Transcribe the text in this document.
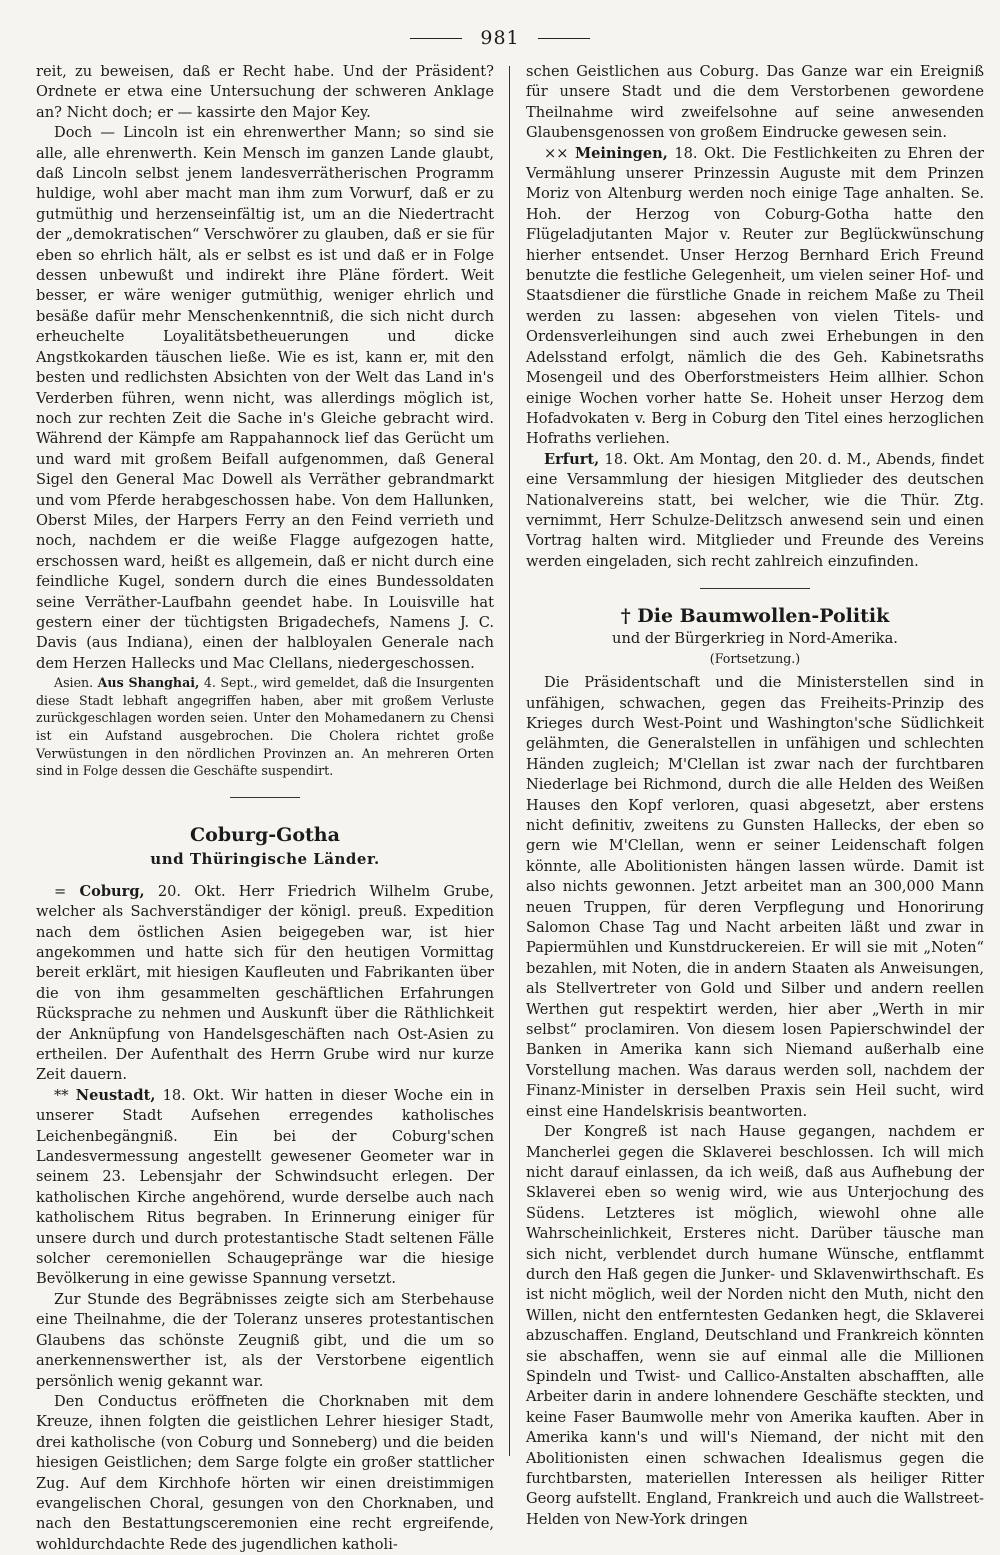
981

reit, zu beweisen, daß er Recht habe. Und der Präsident? Ordnete er etwa eine Untersuchung der schweren Anklage an? Nicht doch; er — kassirte den Major Key.

Doch — Lincoln ist ein ehrenwerther Mann; so sind sie alle, alle ehrenwerth. Kein Mensch im ganzen Lande glaubt, daß Lincoln selbst jenem landesverrätherischen Programm huldige, wohl aber macht man ihm zum Vorwurf, daß er zu gutmüthig und herzenseinfältig ist, um an die Niedertracht der „demokratischen“ Verschwörer zu glauben, daß er sie für eben so ehrlich hält, als er selbst es ist und daß er in Folge dessen unbewußt und indirekt ihre Pläne fördert. Weit besser, er wäre weniger gutmüthig, weniger ehrlich und besäße dafür mehr Menschenkenntniß, die sich nicht durch erheuchelte Loyalitätsbetheuerungen und dicke Angstkokarden täuschen ließe. Wie es ist, kann er, mit den besten und redlichsten Absichten von der Welt das Land in's Verderben führen, wenn nicht, was allerdings möglich ist, noch zur rechten Zeit die Sache in's Gleiche gebracht wird. Während der Kämpfe am Rappahannock lief das Gerücht um und ward mit großem Beifall aufgenommen, daß General Sigel den General Mac Dowell als Verräther gebrandmarkt und vom Pferde herabgeschossen habe. Von dem Hallunken, Oberst Miles, der Harpers Ferry an den Feind verrieth und noch, nachdem er die weiße Flagge aufgezogen hatte, erschossen ward, heißt es allgemein, daß er nicht durch eine feindliche Kugel, sondern durch die eines Bundessoldaten seine Verräther-Laufbahn geendet habe. In Louisville hat gestern einer der tüchtigsten Brigadechefs, Namens J. C. Davis (aus Indiana), einen der halbloyalen Generale nach dem Herzen Hallecks und Mac Clellans, niedergeschossen.

Asien. Aus Shanghai, 4. Sept., wird gemeldet, daß die Insurgenten diese Stadt lebhaft angegriffen haben, aber mit großem Verluste zurückgeschlagen worden seien. Unter den Mohamedanern zu Chensi ist ein Aufstand ausgebrochen. Die Cholera richtet große Verwüstungen in den nördlichen Provinzen an. An mehreren Orten sind in Folge dessen die Geschäfte suspendirt.

Coburg-Gotha
und Thüringische Länder.

= Coburg, 20. Okt. Herr Friedrich Wilhelm Grube, welcher als Sachverständiger der königl. preuß. Expedition nach dem östlichen Asien beigegeben war, ist hier angekommen und hatte sich für den heutigen Vormittag bereit erklärt, mit hiesigen Kaufleuten und Fabrikanten über die von ihm gesammelten geschäftlichen Erfahrungen Rücksprache zu nehmen und Auskunft über die Räthlichkeit der Anknüpfung von Handelsgeschäften nach Ost-Asien zu ertheilen. Der Aufenthalt des Herrn Grube wird nur kurze Zeit dauern.

** Neustadt, 18. Okt. Wir hatten in dieser Woche ein in unserer Stadt Aufsehen erregendes katholisches Leichenbegängniß. Ein bei der Coburg'schen Landesvermessung angestellt gewesener Geometer war in seinem 23. Lebensjahr der Schwindsucht erlegen. Der katholischen Kirche angehörend, wurde derselbe auch nach katholischem Ritus begraben. In Erinnerung einiger für unsere durch und durch protestantische Stadt seltenen Fälle solcher ceremoniellen Schaugepränge war die hiesige Bevölkerung in eine gewisse Spannung versetzt.

Zur Stunde des Begräbnisses zeigte sich am Sterbehause eine Theilnahme, die der Toleranz unseres protestantischen Glaubens das schönste Zeugniß gibt, und die um so anerkennenswerther ist, als der Verstorbene eigentlich persönlich wenig gekannt war.

Den Conductus eröffneten die Chorknaben mit dem Kreuze, ihnen folgten die geistlichen Lehrer hiesiger Stadt, drei katholische (von Coburg und Sonneberg) und die beiden hiesigen Geistlichen; dem Sarge folgte ein großer stattlicher Zug. Auf dem Kirchhofe hörten wir einen dreistimmigen evangelischen Choral, gesungen von den Chorknaben, und nach den Bestattungsceremonien eine recht ergreifende, wohldurchdachte Rede des jugendlichen katholi-

schen Geistlichen aus Coburg. Das Ganze war ein Ereigniß für unsere Stadt und die dem Verstorbenen gewordene Theilnahme wird zweifelsohne auf seine anwesenden Glaubensgenossen von großem Eindrucke gewesen sein.

×× Meiningen, 18. Okt. Die Festlichkeiten zu Ehren der Vermählung unserer Prinzessin Auguste mit dem Prinzen Moriz von Altenburg werden noch einige Tage anhalten. Se. Hoh. der Herzog von Coburg-Gotha hatte den Flügeladjutanten Major v. Reuter zur Beglückwünschung hierher entsendet. Unser Herzog Bernhard Erich Freund benutzte die festliche Gelegenheit, um vielen seiner Hof- und Staatsdiener die fürstliche Gnade in reichem Maße zu Theil werden zu lassen: abgesehen von vielen Titels- und Ordensverleihungen sind auch zwei Erhebungen in den Adelsstand erfolgt, nämlich die des Geh. Kabinetsraths Mosengeil und des Oberforstmeisters Heim allhier. Schon einige Wochen vorher hatte Se. Hoheit unser Herzog dem Hofadvokaten v. Berg in Coburg den Titel eines herzoglichen Hofraths verliehen.

Erfurt, 18. Okt. Am Montag, den 20. d. M., Abends, findet eine Versammlung der hiesigen Mitglieder des deutschen Nationalvereins statt, bei welcher, wie die Thür. Ztg. vernimmt, Herr Schulze-Delitzsch anwesend sein und einen Vortrag halten wird. Mitglieder und Freunde des Vereins werden eingeladen, sich recht zahlreich einzufinden.

† Die Baumwollen-Politik
und der Bürgerkrieg in Nord-Amerika.
(Fortsetzung.)

Die Präsidentschaft und die Ministerstellen sind in unfähigen, schwachen, gegen das Freiheits-Prinzip des Krieges durch West-Point und Washington'sche Südlichkeit gelähmten, die Generalstellen in unfähigen und schlechten Händen zugleich; M'Clellan ist zwar nach der furchtbaren Niederlage bei Richmond, durch die alle Helden des Weißen Hauses den Kopf verloren, quasi abgesetzt, aber erstens nicht definitiv, zweitens zu Gunsten Hallecks, der eben so gern wie M'Clellan, wenn er seiner Leidenschaft folgen könnte, alle Abolitionisten hängen lassen würde. Damit ist also nichts gewonnen. Jetzt arbeitet man an 300,000 Mann neuen Truppen, für deren Verpflegung und Honorirung Salomon Chase Tag und Nacht arbeiten läßt und zwar in Papiermühlen und Kunstdruckereien. Er will sie mit „Noten“ bezahlen, mit Noten, die in andern Staaten als Anweisungen, als Stellvertreter von Gold und Silber und andern reellen Werthen gut respektirt werden, hier aber „Werth in mir selbst“ proclamiren. Von diesem losen Papierschwindel der Banken in Amerika kann sich Niemand außerhalb eine Vorstellung machen. Was daraus werden soll, nachdem der Finanz-Minister in derselben Praxis sein Heil sucht, wird einst eine Handelskrisis beantworten.

Der Kongreß ist nach Hause gegangen, nachdem er Mancherlei gegen die Sklaverei beschlossen. Ich will mich nicht darauf einlassen, da ich weiß, daß aus Aufhebung der Sklaverei eben so wenig wird, wie aus Unterjochung des Südens. Letzteres ist möglich, wiewohl ohne alle Wahrscheinlichkeit, Ersteres nicht. Darüber täusche man sich nicht, verblendet durch humane Wünsche, entflammt durch den Haß gegen die Junker- und Sklavenwirthschaft. Es ist nicht möglich, weil der Norden nicht den Muth, nicht den Willen, nicht den entferntesten Gedanken hegt, die Sklaverei abzuschaffen. England, Deutschland und Frankreich könnten sie abschaffen, wenn sie auf einmal alle die Millionen Spindeln und Twist- und Callico-Anstalten abschafften, alle Arbeiter darin in andere lohnendere Geschäfte steckten, und keine Faser Baumwolle mehr von Amerika kauften. Aber in Amerika kann's und will's Niemand, der nicht mit den Abolitionisten einen schwachen Idealismus gegen die furchtbarsten, materiellen Interessen als heiliger Ritter Georg aufstellt. England, Frankreich und auch die Wallstreet-Helden von New-York dringen
